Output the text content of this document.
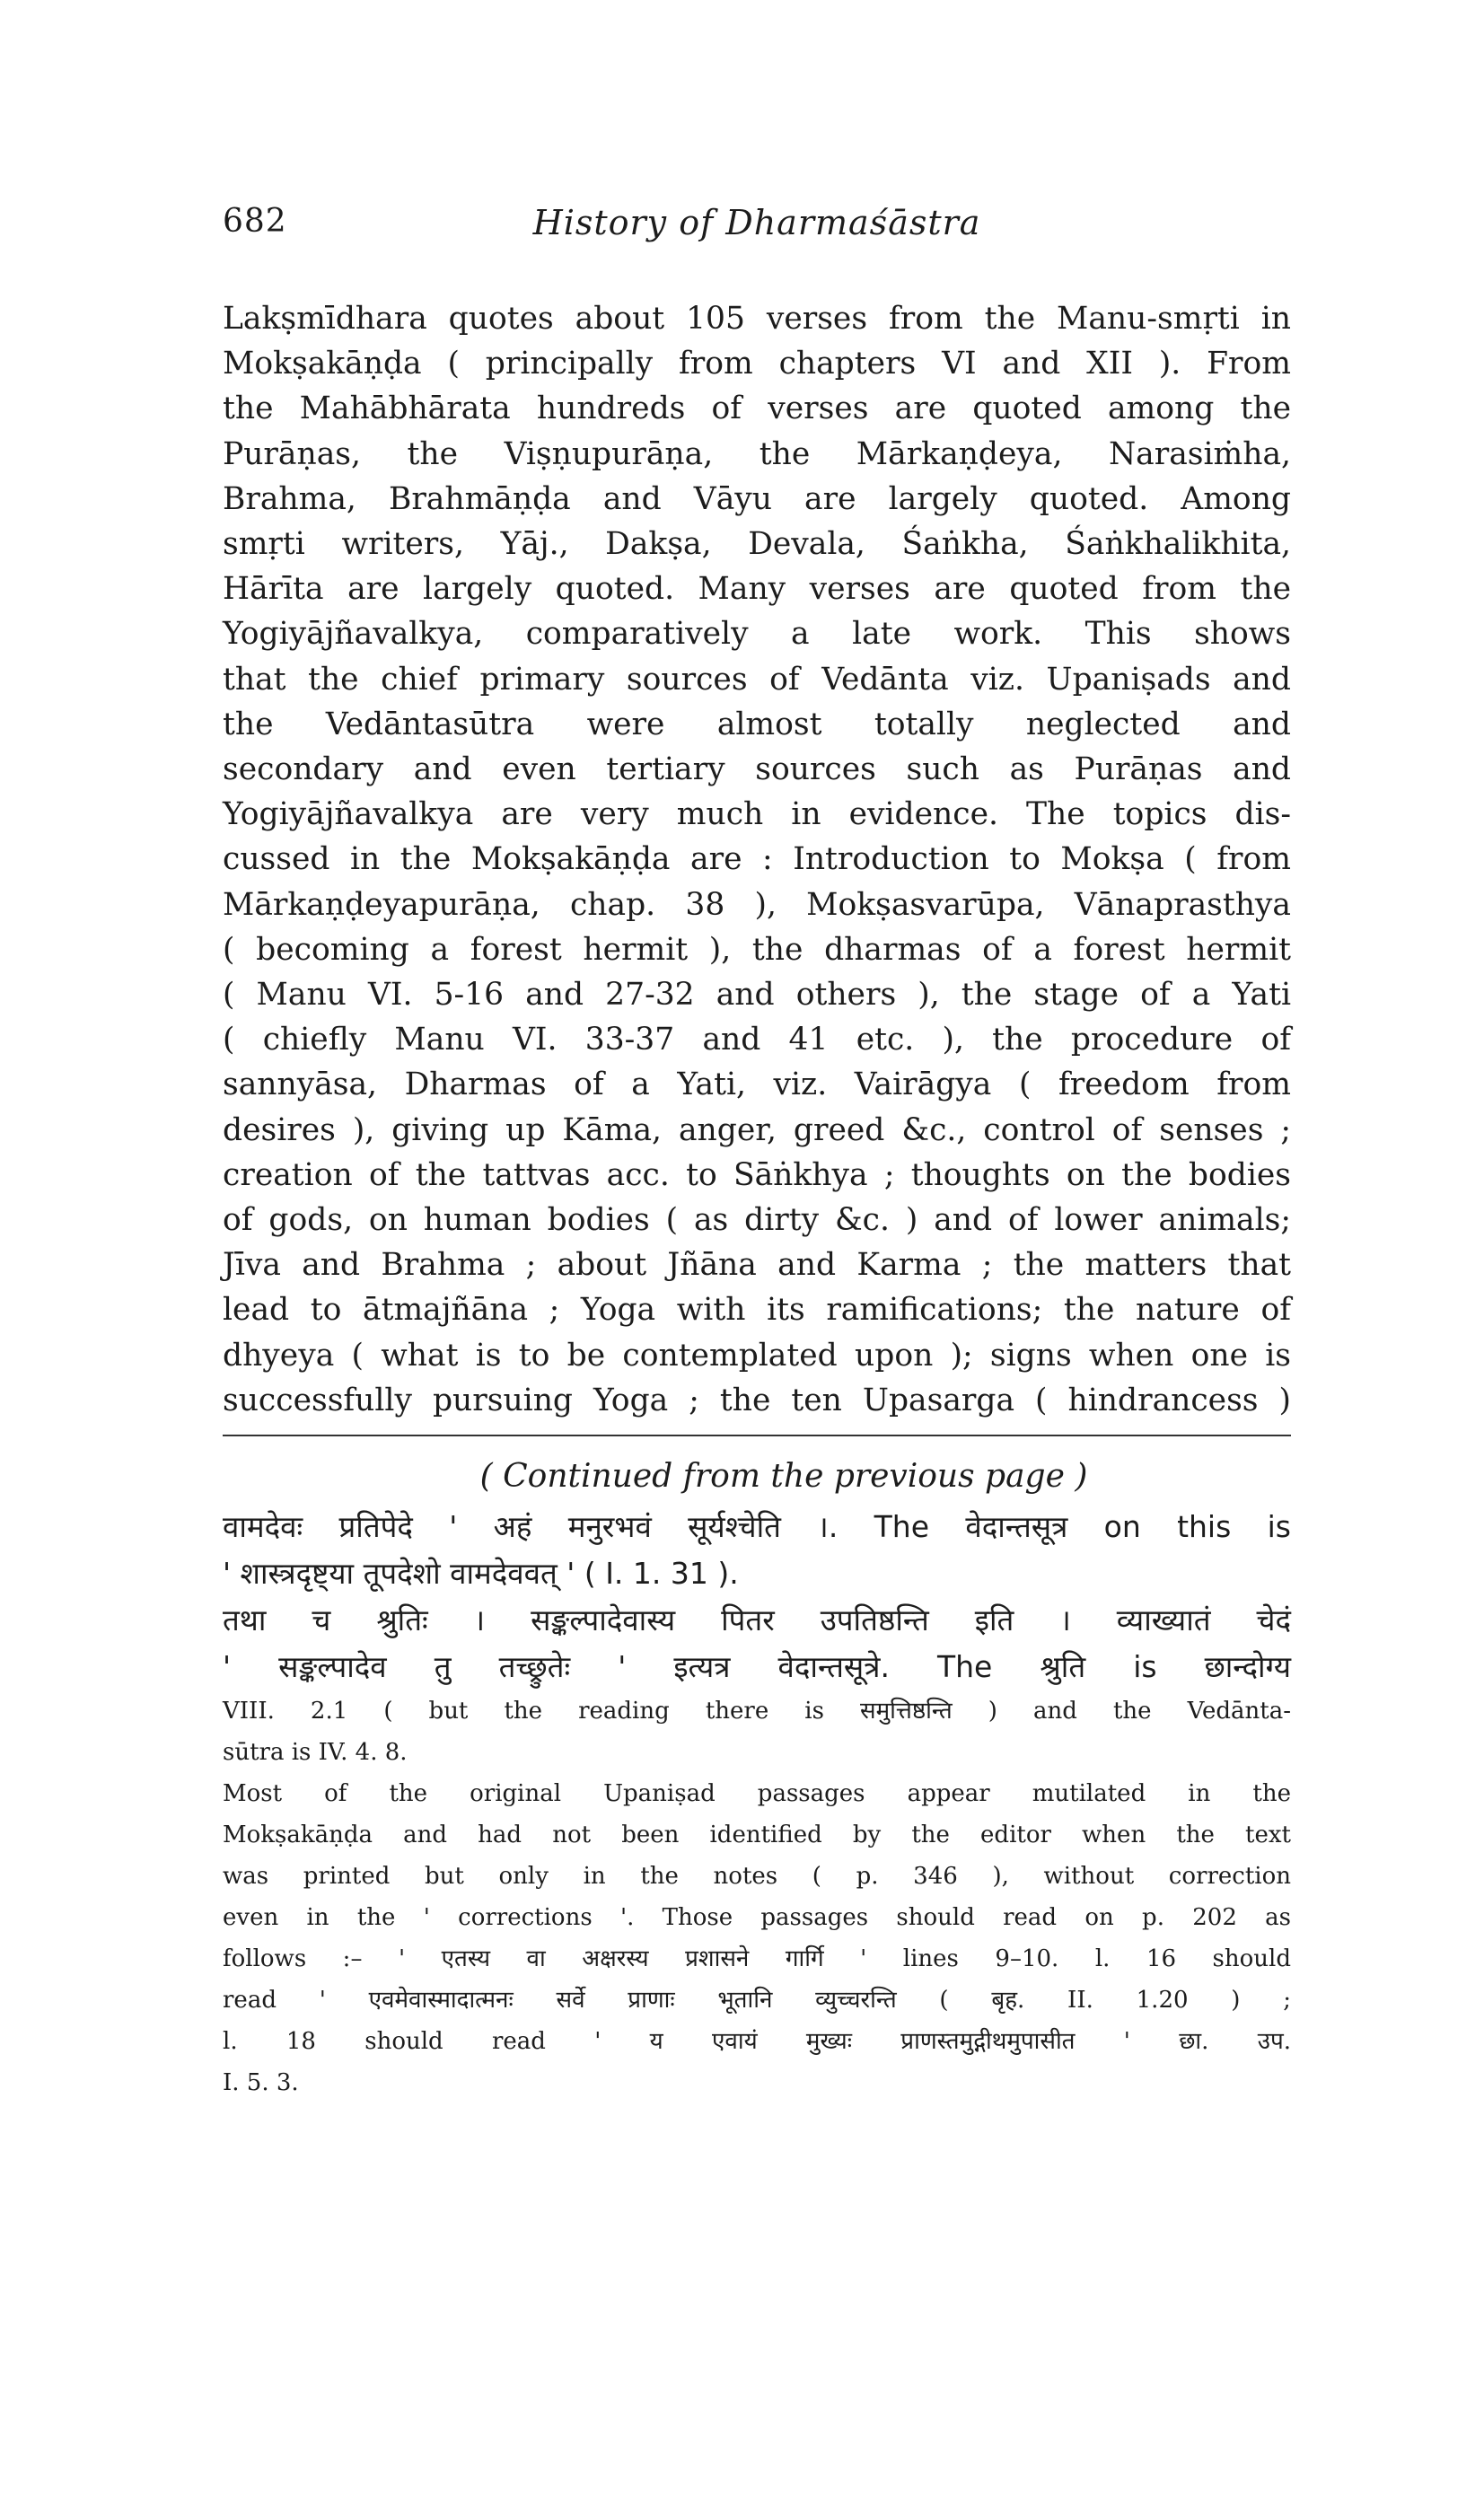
682	History of Dharmaśāstra
Lakṣmīdhara quotes about 105 verses from the Manu-smṛti in
Mokṣakāṇḍa ( principally from chapters VI and XII ). From
the Mahābhārata hundreds of verses are quoted among the
Purāṇas, the Viṣṇupurāṇa, the Mārkaṇḍeya, Narasiṁha,
Brahma, Brahmāṇḍa and Vāyu are largely quoted. Among
smṛti writers, Yāj., Dakṣa, Devala, Śaṅkha, Śaṅkhalikhita,
Hārīta are largely quoted. Many verses are quoted from the
Yogiyājñavalkya, comparatively a late work. This shows
that the chief primary sources of Vedānta viz. Upaniṣads and
the Vedāntasūtra were almost totally neglected and
secondary and even tertiary sources such as Purāṇas and
Yogiyājñavalkya are very much in evidence. The topics dis-
cussed in the Mokṣakāṇḍa are : Introduction to Mokṣa ( from
Mārkaṇḍeyapurāṇa, chap. 38 ), Mokṣasvarūpa, Vānaprasthya
( becoming a forest hermit ), the dharmas of a forest hermit
( Manu VI. 5-16 and 27-32 and others ), the stage of a Yati
( chiefly Manu VI. 33-37 and 41 etc. ), the procedure of
sannyāsa, Dharmas of a Yati, viz. Vairāgya ( freedom from
desires ), giving up Kāma, anger, greed &c., control of senses ;
creation of the tattvas acc. to Sāṅkhya ; thoughts on the bodies
of gods, on human bodies ( as dirty &c. ) and of lower animals;
Jīva and Brahma ; about Jñāna and Karma ; the matters that
lead to ātmajñāna ; Yoga with its ramifications; the nature of
dhyeya ( what is to be contemplated upon ); signs when one is
successfully pursuing Yoga ; the ten Upasarga ( hindrancess )
( Continued from the previous page )
वामदेवः प्रतिपेदे ' अहं मनुरभवं सूर्यश्चेति ।. The वेदान्तसूत्र on this is
' शास्त्रदृष्ट्या तूपदेशो वामदेववत् ' ( I. 1. 31 ).
तथा च श्रुतिः । सङ्कल्पादेवास्य पितर उपतिष्ठन्ति इति । व्याख्यातं चेदं
' सङ्कल्पादेव तु तच्छ्रुतेः ' इत्यत्र वेदान्तसूत्रे. The श्रुति is छान्दोग्य
VIII. 2.1 ( but the reading there is समुत्तिष्ठन्ति ) and the Vedānta-
sūtra is IV. 4. 8.
Most of the original Upaniṣad passages appear mutilated in the
Mokṣakāṇḍa and had not been identified by the editor when the text
was printed but only in the notes ( p. 346 ), without correction
even in the ' corrections '. Those passages should read on p. 202 as
follows :– ' एतस्य वा अक्षरस्य प्रशासने गार्गि ' lines 9–10. l. 16 should
read ' एवमेवास्मादात्मनः सर्वे प्राणाः भूतानि व्युच्चरन्ति ( बृह. II. 1.20 ) ;
l. 18 should read ' य एवायं मुख्यः प्राणस्तमुद्गीथमुपासीत ' छा. उप.
I. 5. 3.
